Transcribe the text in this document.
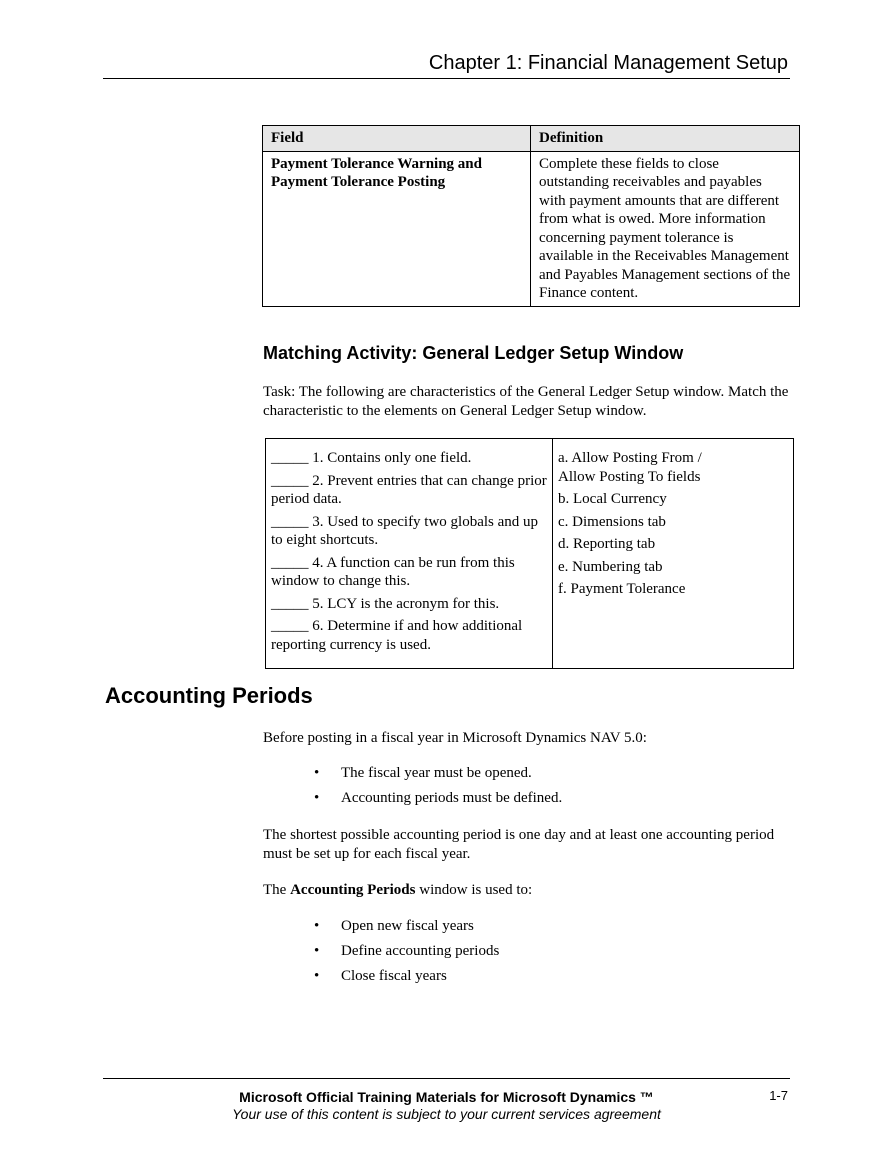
Chapter 1: Financial Management Setup
Field	Definition
Payment Tolerance Warning and Payment Tolerance Posting	Complete these fields to close outstanding receivables and payables with payment amounts that are different from what is owed. More information concerning payment tolerance is available in the Receivables Management and Payables Management sections of the Finance content.
Matching Activity: General Ledger Setup Window
Task: The following are characteristics of the General Ledger Setup window. Match the characteristic to the elements on General Ledger Setup window.
_____ 1. Contains only one field.
_____ 2. Prevent entries that can change prior period data.
_____ 3. Used to specify two globals and up to eight shortcuts.
_____ 4. A function can be run from this window to change this.
_____ 5. LCY is the acronym for this.
_____ 6. Determine if and how additional reporting currency is used.

a. Allow Posting From / Allow Posting To fields
b. Local Currency
c. Dimensions tab
d. Reporting tab
e. Numbering tab
f. Payment Tolerance
Accounting Periods
Before posting in a fiscal year in Microsoft Dynamics NAV 5.0:
• The fiscal year must be opened.
• Accounting periods must be defined.
The shortest possible accounting period is one day and at least one accounting period must be set up for each fiscal year.
The Accounting Periods window is used to:
• Open new fiscal years
• Define accounting periods
• Close fiscal years
Microsoft Official Training Materials for Microsoft Dynamics ™
Your use of this content is subject to your current services agreement
1-7
